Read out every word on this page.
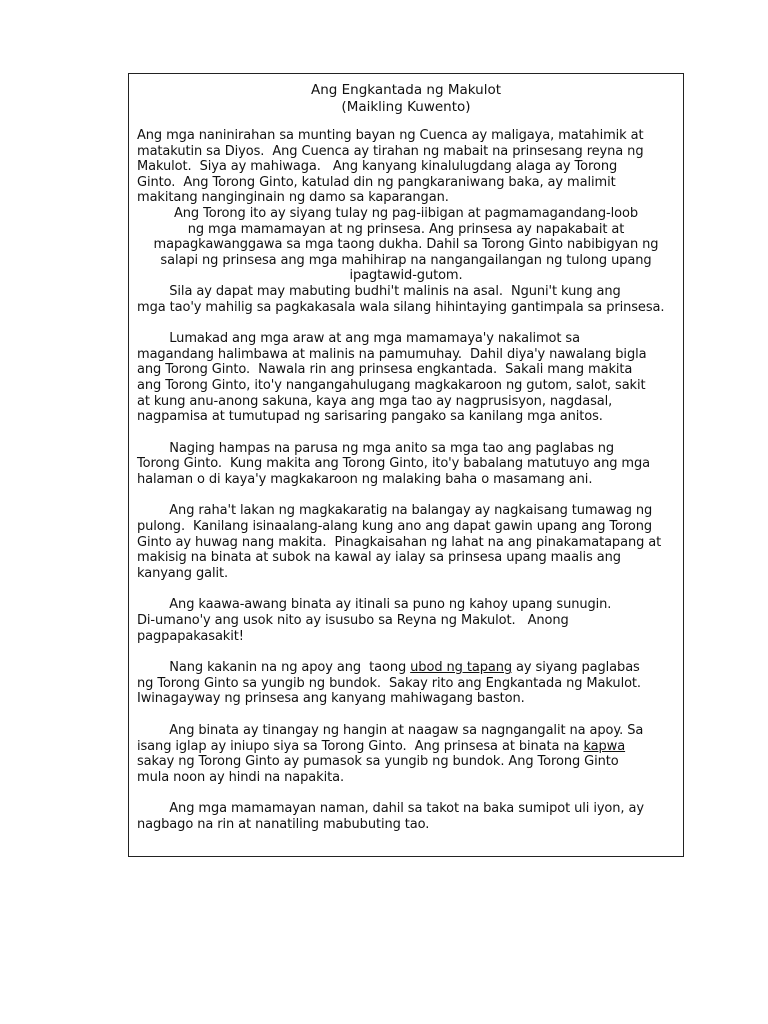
Ang Engkantada ng Makulot

(Maikling Kuwento)

Ang mga naninirahan sa munting bayan ng Cuenca ay maligaya, matahimik at

matakutin sa Diyos.  Ang Cuenca ay tirahan ng mabait na prinsesang reyna ng

Makulot.  Siya ay mahiwaga.   Ang kanyang kinalulugdang alaga ay Torong

Ginto.  Ang Torong Ginto, katulad din ng pangkaraniwang baka, ay malimit

makitang nanginginain ng damo sa kaparangan.

Ang Torong ito ay siyang tulay ng pag-iibigan at pagmamagandang-loob

ng mga mamamayan at ng prinsesa. Ang prinsesa ay napakabait at

mapagkawanggawa sa mga taong dukha. Dahil sa Torong Ginto nabibigyan ng

salapi ng prinsesa ang mga mahihirap na nangangailangan ng tulong upang

ipagtawid-gutom.

Sila ay dapat may mabuting budhi't malinis na asal.  Nguni't kung ang

mga tao'y mahilig sa pagkakasala wala silang hihintaying gantimpala sa prinsesa.

Lumakad ang mga araw at ang mga mamamaya'y nakalimot sa

magandang halimbawa at malinis na pamumuhay.  Dahil diya'y nawalang bigla

ang Torong Ginto.  Nawala rin ang prinsesa engkantada.  Sakali mang makita

ang Torong Ginto, ito'y nangangahulugang magkakaroon ng gutom, salot, sakit

at kung anu-anong sakuna, kaya ang mga tao ay nagprusisyon, nagdasal,

nagpamisa at tumutupad ng sarisaring pangako sa kanilang mga anitos.

Naging hampas na parusa ng mga anito sa mga tao ang paglabas ng

Torong Ginto.  Kung makita ang Torong Ginto, ito'y babalang matutuyo ang mga

halaman o di kaya'y magkakaroon ng malaking baha o masamang ani.

Ang raha't lakan ng magkakaratig na balangay ay nagkaisang tumawag ng

pulong.  Kanilang isinaalang-alang kung ano ang dapat gawin upang ang Torong

Ginto ay huwag nang makita.  Pinagkaisahan ng lahat na ang pinakamatapang at

makisig na binata at subok na kawal ay ialay sa prinsesa upang maalis ang

kanyang galit.

Ang kaawa-awang binata ay itinali sa puno ng kahoy upang sunugin.

Di-umano'y ang usok nito ay isusubo sa Reyna ng Makulot.   Anong

pagpapakasakit!

Nang kakanin na ng apoy ang  taong ubod ng tapang ay siyang paglabas

ng Torong Ginto sa yungib ng bundok.  Sakay rito ang Engkantada ng Makulot.

Iwinagayway ng prinsesa ang kanyang mahiwagang baston.

Ang binata ay tinangay ng hangin at naagaw sa nagngangalit na apoy. Sa

isang iglap ay iniupo siya sa Torong Ginto.  Ang prinsesa at binata na kapwa

sakay ng Torong Ginto ay pumasok sa yungib ng bundok. Ang Torong Ginto

mula noon ay hindi na napakita.

Ang mga mamamayan naman, dahil sa takot na baka sumipot uli iyon, ay

nagbago na rin at nanatiling mabubuting tao.
